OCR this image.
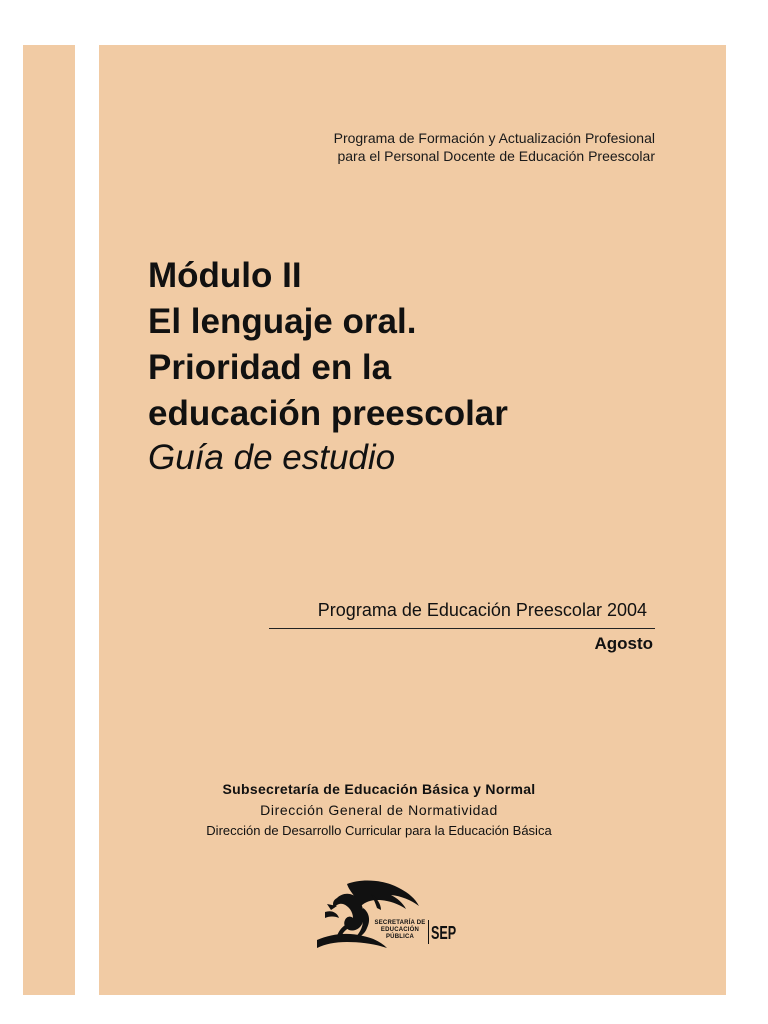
Programa de Formación y Actualización Profesional
para el Personal Docente de Educación Preescolar
Módulo II
El lenguaje oral.
Prioridad en la
educación preescolar
Guía de estudio
Programa de Educación Preescolar 2004
Agosto
Subsecretaría de Educación Básica y Normal
Dirección General de Normatividad
Dirección de Desarrollo Curricular para la Educación Básica
SECRETARÍA DE
EDUCACIÓN
PÚBLICA SEP
